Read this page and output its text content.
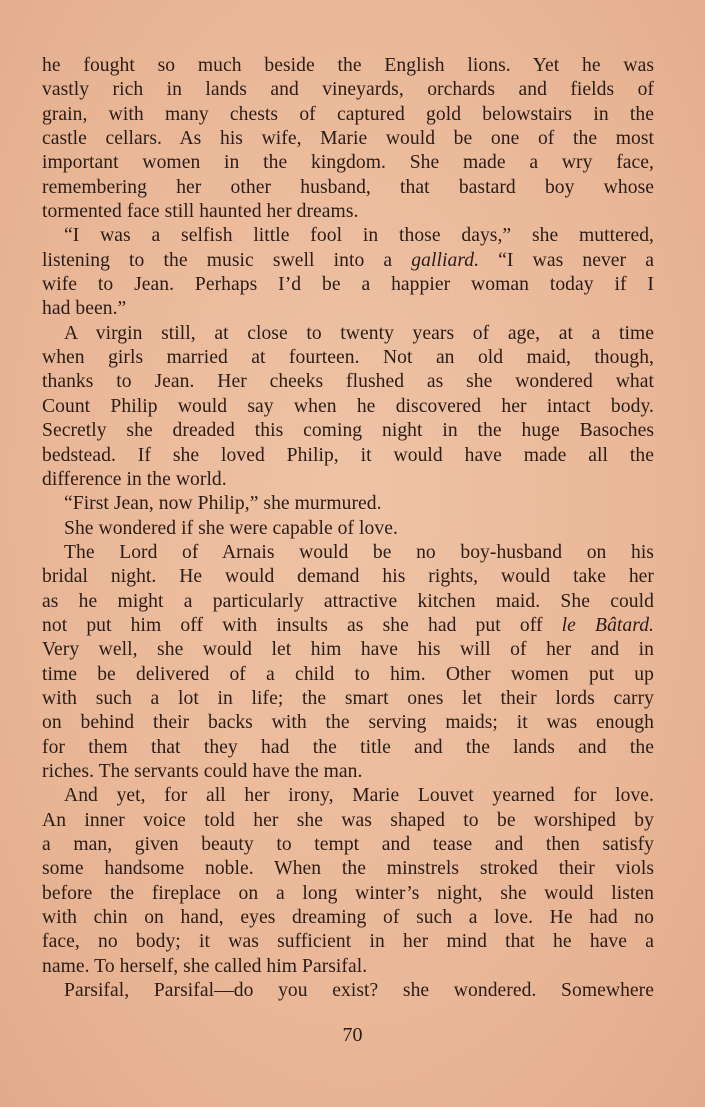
he fought so much beside the English lions. Yet he was
vastly rich in lands and vineyards, orchards and fields of
grain, with many chests of captured gold belowstairs in the
castle cellars. As his wife, Marie would be one of the most
important women in the kingdom. She made a wry face,
remembering her other husband, that bastard boy whose
tormented face still haunted her dreams.

“I was a selfish little fool in those days,” she muttered,
listening to the music swell into a galliard. “I was never a
wife to Jean. Perhaps I’d be a happier woman today if I
had been.”

A virgin still, at close to twenty years of age, at a time
when girls married at fourteen. Not an old maid, though,
thanks to Jean. Her cheeks flushed as she wondered what
Count Philip would say when he discovered her intact body.
Secretly she dreaded this coming night in the huge Basoches
bedstead. If she loved Philip, it would have made all the
difference in the world.

“First Jean, now Philip,” she murmured.

She wondered if she were capable of love.

The Lord of Arnais would be no boy-husband on his
bridal night. He would demand his rights, would take her
as he might a particularly attractive kitchen maid. She could
not put him off with insults as she had put off le Bâtard.
Very well, she would let him have his will of her and in
time be delivered of a child to him. Other women put up
with such a lot in life; the smart ones let their lords carry
on behind their backs with the serving maids; it was enough
for them that they had the title and the lands and the
riches. The servants could have the man.

And yet, for all her irony, Marie Louvet yearned for love.
An inner voice told her she was shaped to be worshiped by
a man, given beauty to tempt and tease and then satisfy
some handsome noble. When the minstrels stroked their viols
before the fireplace on a long winter’s night, she would listen
with chin on hand, eyes dreaming of such a love. He had no
face, no body; it was sufficient in her mind that he have a
name. To herself, she called him Parsifal.

Parsifal, Parsifal—do you exist? she wondered. Somewhere

70
